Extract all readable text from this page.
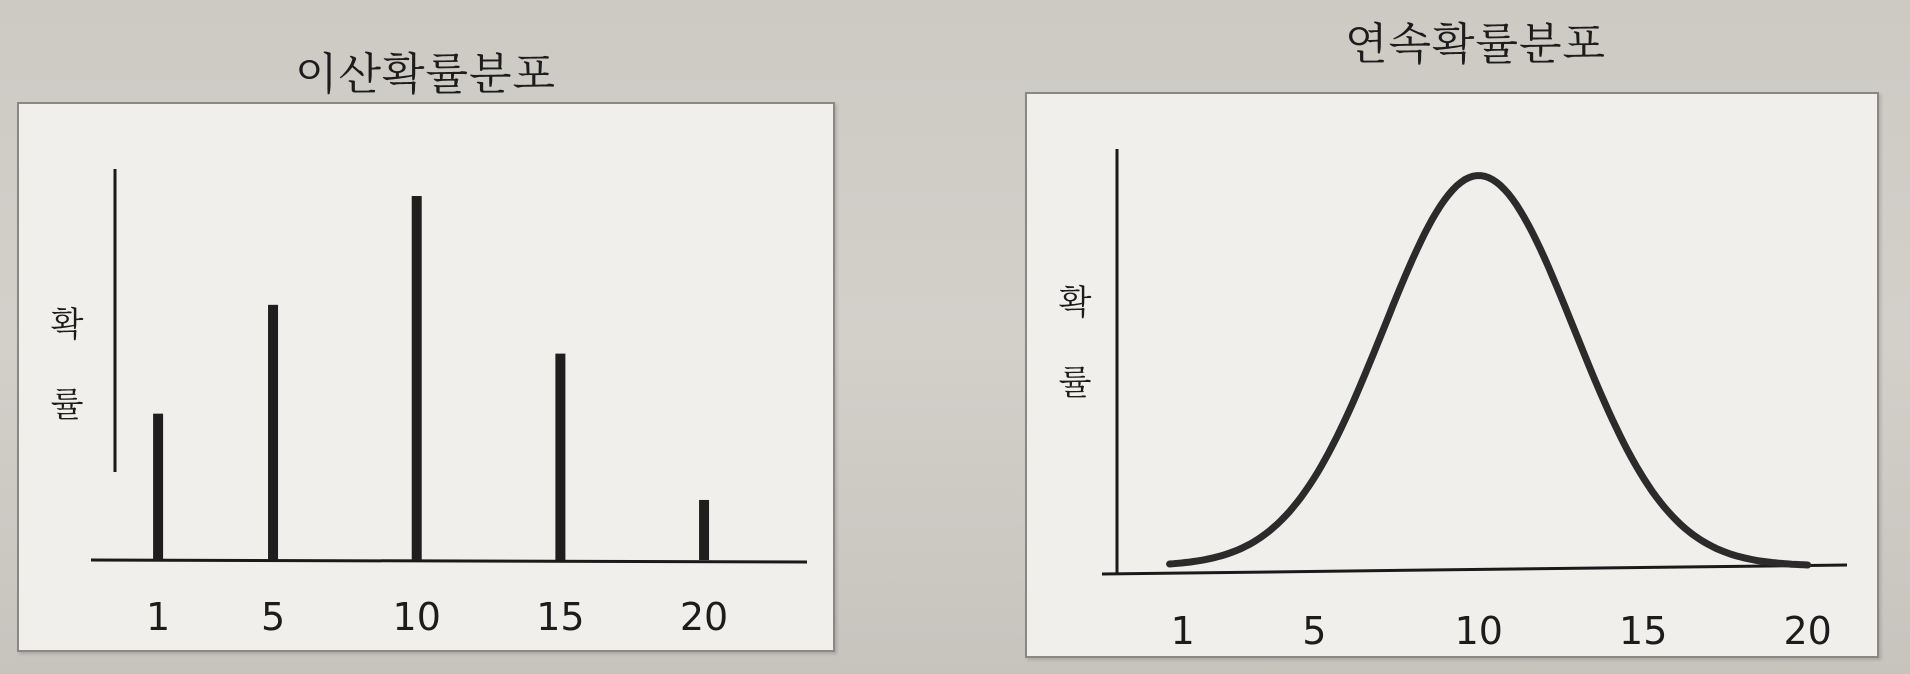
이산확률분포
연속확률분포
확
률
1 5	10	15	20
확
률
1	5	10	15	20
